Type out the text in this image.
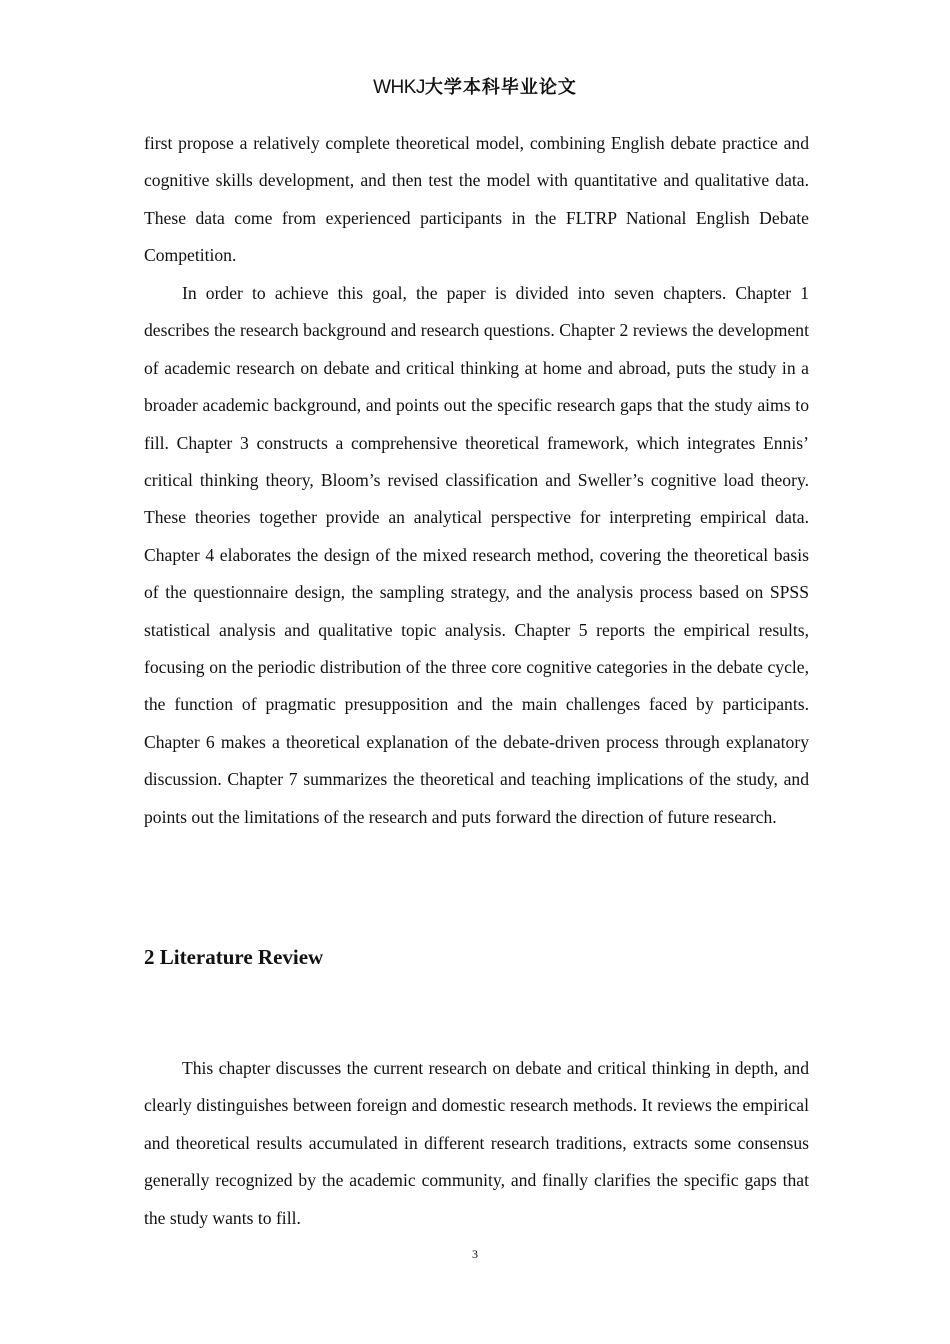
WHKJ大学本科毕业论文

first propose a relatively complete theoretical model, combining English debate practice and cognitive skills development, and then test the model with quantitative and qualitative data. These data come from experienced participants in the FLTRP National English Debate Competition.

In order to achieve this goal, the paper is divided into seven chapters. Chapter 1 describes the research background and research questions. Chapter 2 reviews the development of academic research on debate and critical thinking at home and abroad, puts the study in a broader academic background, and points out the specific research gaps that the study aims to fill. Chapter 3 constructs a comprehensive theoretical framework, which integrates Ennis’ critical thinking theory, Bloom’s revised classification and Sweller’s cognitive load theory. These theories together provide an analytical perspective for interpreting empirical data. Chapter 4 elaborates the design of the mixed research method, covering the theoretical basis of the questionnaire design, the sampling strategy, and the analysis process based on SPSS statistical analysis and qualitative topic analysis. Chapter 5 reports the empirical results, focusing on the periodic distribution of the three core cognitive categories in the debate cycle, the function of pragmatic presupposition and the main challenges faced by participants. Chapter 6 makes a theoretical explanation of the debate-driven process through explanatory discussion. Chapter 7 summarizes the theoretical and teaching implications of the study, and points out the limitations of the research and puts forward the direction of future research.

2 Literature Review

This chapter discusses the current research on debate and critical thinking in depth, and clearly distinguishes between foreign and domestic research methods. It reviews the empirical and theoretical results accumulated in different research traditions, extracts some consensus generally recognized by the academic community, and finally clarifies the specific gaps that the study wants to fill.

3
